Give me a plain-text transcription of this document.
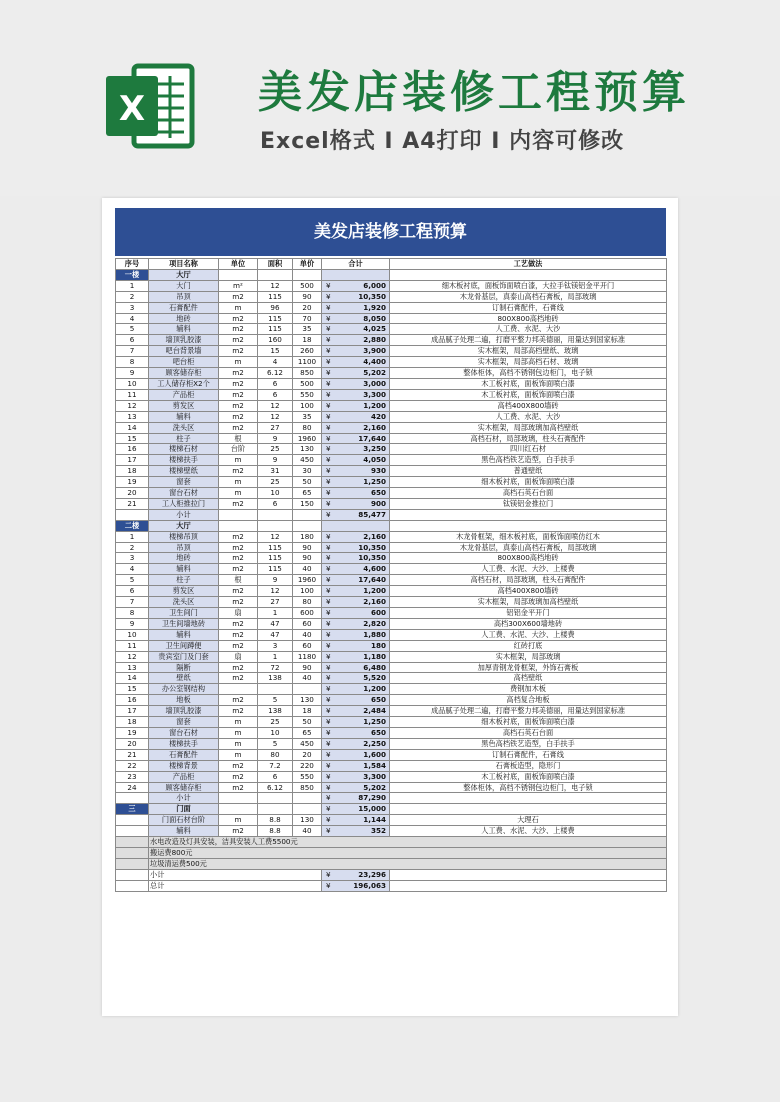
X	美发店装修工程预算
Excel格式 I A4打印 I 内容可修改
美发店装修工程预算
序号	项目名称	单位	面积	单价	合计	工艺做法
一楼	大厅					
1	大门	m²	12	500	¥ 6,000	细木板衬底，面板饰面喷白漆，大拉手钛镁铝金平开门
2	吊顶	m2	115	90	¥ 10,350	木龙骨基层，真泰山高档石膏板，局部玻璃
3	石膏配件	m	96	20	¥ 1,920	订制石膏配件，石膏线
4	地砖	m2	115	70	¥ 8,050	800X800高档地砖
5	辅料	m2	115	35	¥ 4,025	人工费、水泥、大沙
6	墙顶乳胶漆	m2	160	18	¥ 2,880	成品腻子处理二遍，打磨平整力邦美德丽，用量达到国家标准
7	吧台背景墙	m2	15	260	¥ 3,900	实木框架，局部高档壁纸、玻璃
8	吧台柜	m	4	1100	¥ 4,400	实木框架，局部高档石材、玻璃
9	顾客储存柜	m2	6.12	850	¥ 5,202	整体柜体，高档不锈钢包边柜门，电子锁
10	工人储存柜X2个	m2	6	500	¥ 3,000	木工板衬底，面板饰面喷白漆
11	产品柜	m2	6	550	¥ 3,300	木工板衬底，面板饰面喷白漆
12	剪发区	m2	12	100	¥ 1,200	高档400X800墙砖
13	辅料	m2	12	35	¥ 420	人工费、水泥、大沙
14	洗头区	m2	27	80	¥ 2,160	实木框架，局部玻璃加高档壁纸
15	柱子	根	9	1960	¥ 17,640	高档石材，局部玻璃，柱头石膏配件
16	楼梯石材	台阶	25	130	¥ 3,250	四川红石材
17	楼梯扶手	m	9	450	¥ 4,050	黑色高档铁艺造型，白手扶手
18	楼梯壁纸	m2	31	30	¥ 930	普通壁纸
19	窗套	m	25	50	¥ 1,250	细木板衬底，面板饰面喷白漆
20	窗台石材	m	10	65	¥ 650	高档石英石台面
21	工人柜推拉门	m2	6	150	¥ 900	钛镁铝金推拉门
	小计				¥ 85,477	
二楼	大厅					
1	楼梯吊顶	m2	12	180	¥ 2,160	木龙骨框架，细木板衬底，面板饰面喷仿红木
2	吊顶	m2	115	90	¥ 10,350	木龙骨基层，真泰山高档石膏板，局部玻璃
3	地砖	m2	115	90	¥ 10,350	800X800高档地砖
4	辅料	m2	115	40	¥ 4,600	人工费、水泥、大沙、上楼费
5	柱子	根	9	1960	¥ 17,640	高档石材，局部玻璃，柱头石膏配件
6	剪发区	m2	12	100	¥ 1,200	高档400X800墙砖
7	洗头区	m2	27	80	¥ 2,160	实木框架，局部玻璃加高档壁纸
8	卫生间门	扇	1	600	¥ 600	铝铝金平开门
9	卫生间墙地砖	m2	47	60	¥ 2,820	高档300X600墙地砖
10	辅料	m2	47	40	¥ 1,880	人工费、水泥、大沙、上楼费
11	卫生间蹲便	m2	3	60	¥ 180	红砖打底
12	贵宾室门及门套	扇	1	1180	¥ 1,180	实木框架，局部玻璃
13	隔断	m2	72	90	¥ 6,480	加厚青钢龙骨框架，外饰石膏板
14	壁纸	m2	138	40	¥ 5,520	高档壁纸
15	办公室钢结构				¥ 1,200	费钢加木板
16	地板	m2	5	130	¥ 650	高档复合地板
17	墙顶乳胶漆	m2	138	18	¥ 2,484	成品腻子处理二遍，打磨平整力邦美德丽，用量达到国家标准
18	窗套	m	25	50	¥ 1,250	细木板衬底，面板饰面喷白漆
19	窗台石材	m	10	65	¥ 650	高档石英石台面
20	楼梯扶手	m	5	450	¥ 2,250	黑色高档铁艺造型，白手扶手
21	石膏配件	m	80	20	¥ 1,600	订制石膏配件，石膏线
22	楼梯背景	m2	7.2	220	¥ 1,584	石膏板造型，隐形门
23	产品柜	m2	6	550	¥ 3,300	木工板衬底，面板饰面喷白漆
24	顾客储存柜	m2	6.12	850	¥ 5,202	整体柜体，高档不锈钢包边柜门，电子锁
	小计				¥ 87,290	
三	门面				¥ 15,000	
	门面石材台阶	m	8.8	130	¥ 1,144	大理石
	辅料	m2	8.8	40	¥ 352	人工费、水泥、大沙、上楼费
	水电改造及灯具安装，洁具安装人工费5500元					
	搬运费800元					
	垃圾清运费500元					
	小计				¥ 23,296	
	总计				¥ 196,063	
